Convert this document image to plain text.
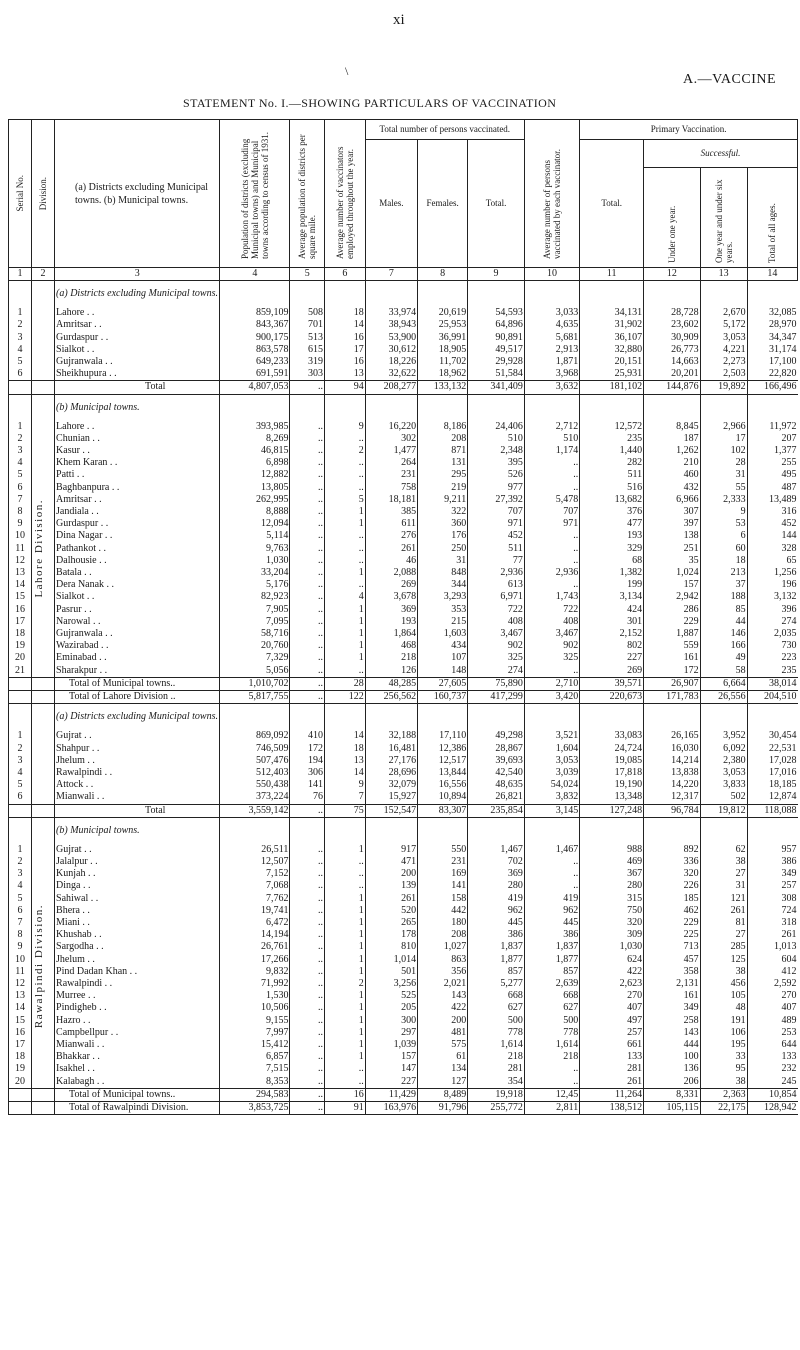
xi
\
A.—VACCINE
STATEMENT No. I.—SHOWING PARTICULARS OF VACCINATION
Serial No.	Division.	(a) Districts excluding Municipal towns. (b) Municipal towns.	Population of districts (excluding Municipal towns) and Municipal towns according to census of 1931.	Average population of districts per square mile.	Average number of vaccinators employed throughout the year.	Total number of persons vaccinated.			Average number of persons vaccinated by each vaccinator.	Primary Vaccination.			
						Males.	Females.	Total.		Total.	Successful.		

											Under one year.	One year and under six years.	Total of all ages.

1	2	3	4	5	6	7	8	9	10	11	12	13	14
		(a) Districts excluding Municipal towns.											
1		Lahore . .	859,109	508	18	33,974	20,619	54,593	3,033	34,131	28,728	2,670	32,085
2		Amritsar . .	843,367	701	14	38,943	25,953	64,896	4,635	31,902	23,602	5,172	28,970
3		Gurdaspur . .	900,175	513	16	53,900	36,991	90,891	5,681	36,107	30,909	3,053	34,347
4		Sialkot . .	863,578	615	17	30,612	18,905	49,517	2,913	32,880	26,773	4,221	31,174
5		Gujranwala . .	649,233	319	16	18,226	11,702	29,928	1,871	20,151	14,663	2,273	17,100
6		Sheikhupura . .	691,591	303	13	32,622	18,962	51,584	3,968	25,931	20,201	2,503	22,820
		Total	4,807,053	..	94	208,277	133,132	341,409	3,632	181,102	144,876	19,892	166,496
		(b) Municipal towns.											
1	Lahore Division.	Lahore . .	393,985	..	9	16,220	8,186	24,406	2,712	12,572	8,845	2,966	11,972
2		Chunian . .	8,269	..	..	302	208	510	510	235	187	17	207
3		Kasur . .	46,815	..	2	1,477	871	2,348	1,174	1,440	1,262	102	1,377
4		Khem Karan . .	6,898	..	..	264	131	395	..	282	210	28	255
5		Patti . .	12,882	..	..	231	295	526	..	511	460	31	495
6		Baghbanpura . .	13,805	..	..	758	219	977	..	516	432	55	487
7		Amritsar . .	262,995	..	5	18,181	9,211	27,392	5,478	13,682	6,966	2,333	13,489
8		Jandiala . .	8,888	..	1	385	322	707	707	376	307	9	316
9		Gurdaspur . .	12,094	..	1	611	360	971	971	477	397	53	452
10		Dina Nagar . .	5,114	..	..	276	176	452	..	193	138	6	144
11		Pathankot . .	9,763	..	..	261	250	511	..	329	251	60	328
12		Dalhousie . .	1,030	..	..	46	31	77	..	68	35	18	65
13		Batala . .	33,204	..	1	2,088	848	2,936	2,936	1,382	1,024	213	1,256
14		Dera Nanak . .	5,176	..	..	269	344	613	..	199	157	37	196
15		Sialkot . .	82,923	..	4	3,678	3,293	6,971	1,743	3,134	2,942	188	3,132
16		Pasrur . .	7,905	..	1	369	353	722	722	424	286	85	396
17		Narowal . .	7,095	..	1	193	215	408	408	301	229	44	274
18		Gujranwala . .	58,716	..	1	1,864	1,603	3,467	3,467	2,152	1,887	146	2,035
19		Wazirabad . .	20,760	..	1	468	434	902	902	802	559	166	730
20		Eminabad . .	7,329	..	1	218	107	325	325	227	161	49	223
21		Sharakpur . .	5,056	..	..	126	148	274	..	269	172	58	235
		Total of Municipal towns..	1,010,702	..	28	48,285	27,605	75,890	2,710	39,571	26,907	6,664	38,014
		Total of Lahore Division ..	5,817,755	..	122	256,562	160,737	417,299	3,420	220,673	171,783	26,556	204,510
		(a) Districts excluding Municipal towns.											
1		Gujrat . .	869,092	410	14	32,188	17,110	49,298	3,521	33,083	26,165	3,952	30,454
2		Shahpur . .	746,509	172	18	16,481	12,386	28,867	1,604	24,724	16,030	6,092	22,531
3		Jhelum . .	507,476	194	13	27,176	12,517	39,693	3,053	19,085	14,214	2,380	17,028
4		Rawalpindi . .	512,403	306	14	28,696	13,844	42,540	3,039	17,818	13,838	3,053	17,016
5		Attock . .	550,438	141	9	32,079	16,556	48,635	54,024	19,190	14,220	3,833	18,185
6		Mianwali . .	373,224	76	7	15,927	10,894	26,821	3,832	13,348	12,317	502	12,874
		Total	3,559,142	..	75	152,547	83,307	235,854	3,145	127,248	96,784	19,812	118,088
		(b) Municipal towns.											
1	Rawalpindi Division.	Gujrat . .	26,511	..	1	917	550	1,467	1,467	988	892	62	957
2		Jalalpur . .	12,507	..	..	471	231	702	..	469	336	38	386
3		Kunjah . .	7,152	..	..	200	169	369	..	367	320	27	349
4		Dinga . .	7,068	..	..	139	141	280	..	280	226	31	257
5		Sahiwal . .	7,762	..	1	261	158	419	419	315	185	121	308
6		Bhera . .	19,741	..	1	520	442	962	962	750	462	261	724
7		Miani . .	6,472	..	1	265	180	445	445	320	229	81	318
8		Khushab . .	14,194	..	1	178	208	386	386	309	225	27	261
9		Sargodha . .	26,761	..	1	810	1,027	1,837	1,837	1,030	713	285	1,013
10		Jhelum . .	17,266	..	1	1,014	863	1,877	1,877	624	457	125	604
11		Pind Dadan Khan . .	9,832	..	1	501	356	857	857	422	358	38	412
12		Rawalpindi . .	71,992	..	2	3,256	2,021	5,277	2,639	2,623	2,131	456	2,592
13		Murree . .	1,530	..	1	525	143	668	668	270	161	105	270
14		Pindigheb . .	10,506	..	1	205	422	627	627	407	349	48	407
15		Hazro . .	9,155	..	1	300	200	500	500	497	258	191	489
16		Campbellpur . .	7,997	..	1	297	481	778	778	257	143	106	253
17		Mianwali . .	15,412	..	1	1,039	575	1,614	1,614	661	444	195	644
18		Bhakkar . .	6,857	..	1	157	61	218	218	133	100	33	133
19		Isakhel . .	7,515	..	..	147	134	281	..	281	136	95	232
20		Kalabagh . .	8,353	..	..	227	127	354	..	261	206	38	245
		Total of Municipal towns..	294,583	..	16	11,429	8,489	19,918	12,45	11,264	8,331	2,363	10,854
		Total of Rawalpindi Division.	3,853,725	..	91	163,976	91,796	255,772	2,811	138,512	105,115	22,175	128,942
